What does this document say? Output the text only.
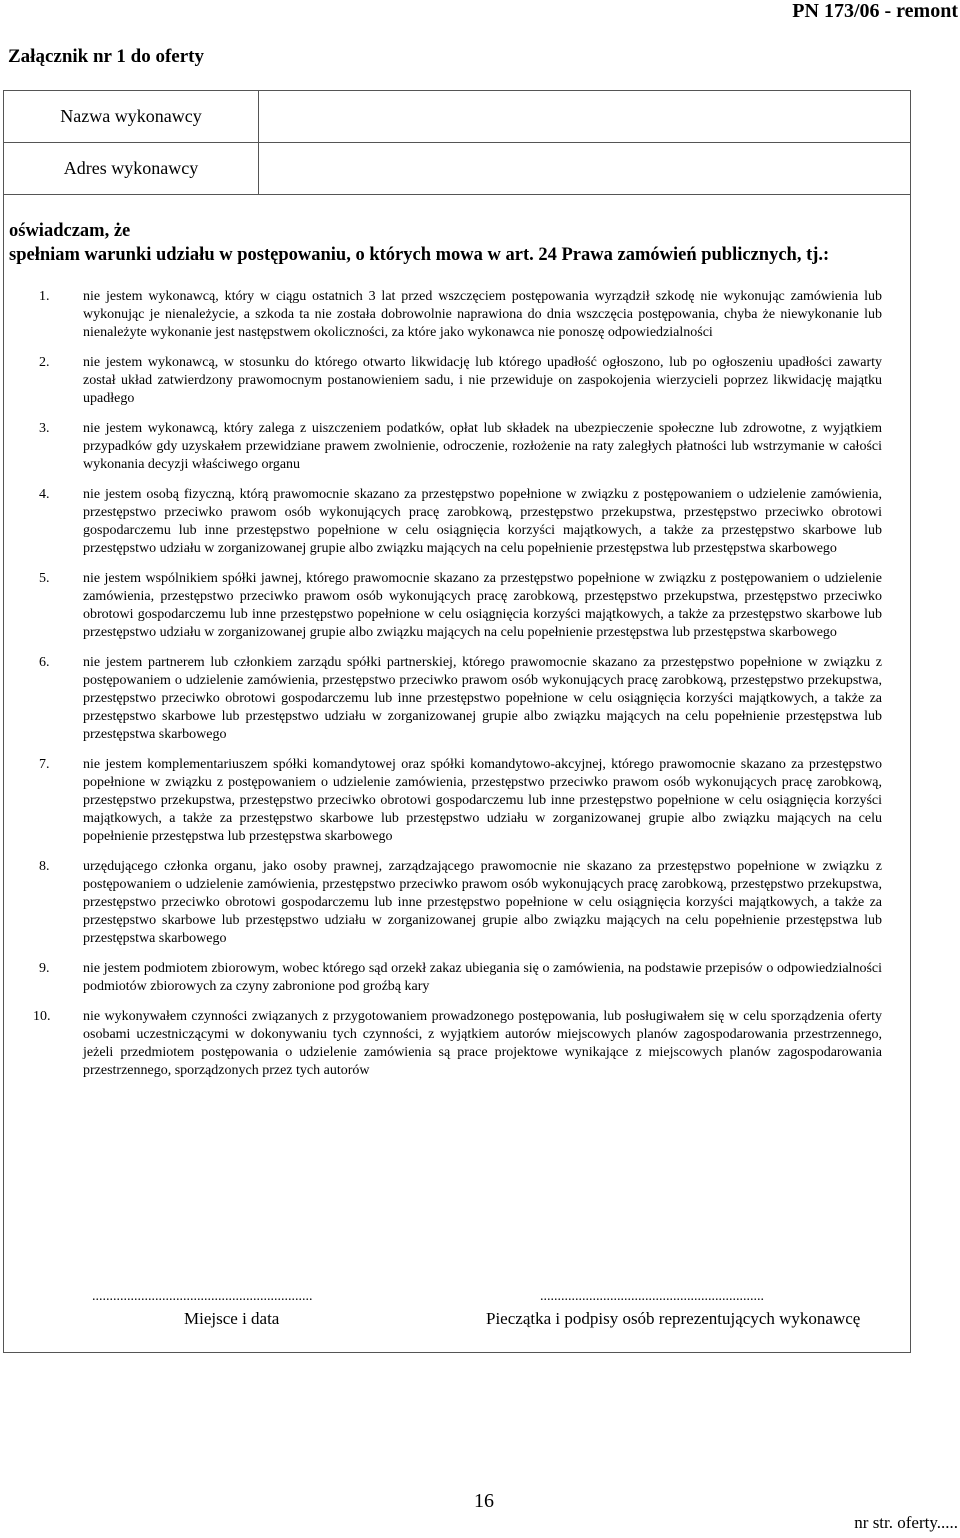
PN 173/06 - remont
Załącznik nr 1 do oferty
Nazwa wykonawcy	
Adres wykonawcy	
oświadczam, że
spełniam warunki udziału w postępowaniu, o których mowa w art. 24 Prawa zamówień publicznych, tj.:
1.	nie jestem wykonawcą, który w ciągu ostatnich 3 lat przed wszczęciem postępowania wyrządził szkodę nie wykonując zamówienia lub wykonując je nienależycie, a szkoda ta nie została dobrowolnie naprawiona do dnia wszczęcia postępowania, chyba że niewykonanie lub nienależyte wykonanie jest następstwem okoliczności, za które jako wykonawca nie ponoszę odpowiedzialności
2.	nie jestem wykonawcą, w stosunku do którego otwarto likwidację lub którego upadłość ogłoszono, lub po ogłoszeniu upadłości zawarty został układ zatwierdzony prawomocnym postanowieniem sadu, i nie przewiduje on zaspokojenia wierzycieli poprzez likwidację majątku upadłego
3.	nie jestem wykonawcą, który zalega z uiszczeniem podatków, opłat lub składek na ubezpieczenie społeczne lub zdrowotne, z wyjątkiem przypadków gdy uzyskałem przewidziane prawem zwolnienie, odroczenie, rozłożenie na raty zaległych płatności lub wstrzymanie w całości wykonania decyzji właściwego organu
4.	nie jestem osobą fizyczną, którą prawomocnie skazano za przestępstwo popełnione w związku z postępowaniem o udzielenie zamówienia, przestępstwo przeciwko prawom osób wykonujących pracę zarobkową, przestępstwo przekupstwa, przestępstwo przeciwko obrotowi gospodarczemu lub inne przestępstwo popełnione w celu osiągnięcia korzyści majątkowych, a także za przestępstwo skarbowe lub przestępstwo udziału w zorganizowanej grupie albo związku mających na celu popełnienie przestępstwa lub przestępstwa skarbowego
5.	nie jestem wspólnikiem spółki jawnej, którego prawomocnie skazano za przestępstwo popełnione w związku z postępowaniem o udzielenie zamówienia, przestępstwo przeciwko prawom osób wykonujących pracę zarobkową, przestępstwo przekupstwa, przestępstwo przeciwko obrotowi gospodarczemu lub inne przestępstwo popełnione w celu osiągnięcia korzyści majątkowych, a także za przestępstwo skarbowe lub przestępstwo udziału w zorganizowanej grupie albo związku mających na celu popełnienie przestępstwa lub przestępstwa skarbowego
6.	nie jestem partnerem lub członkiem zarządu spółki partnerskiej, którego prawomocnie skazano za przestępstwo popełnione w związku z postępowaniem o udzielenie zamówienia, przestępstwo przeciwko prawom osób wykonujących pracę zarobkową, przestępstwo przekupstwa, przestępstwo przeciwko obrotowi gospodarczemu lub inne przestępstwo popełnione w celu osiągnięcia korzyści majątkowych, a także za przestępstwo skarbowe lub przestępstwo udziału w zorganizowanej grupie albo związku mających na celu popełnienie przestępstwa lub przestępstwa skarbowego
7.	nie jestem komplementariuszem spółki komandytowej oraz spółki komandytowo-akcyjnej, którego prawomocnie skazano za przestępstwo popełnione w związku z postępowaniem o udzielenie zamówienia, przestępstwo przeciwko prawom osób wykonujących pracę zarobkową, przestępstwo przekupstwa, przestępstwo przeciwko obrotowi gospodarczemu lub inne przestępstwo popełnione w celu osiągnięcia korzyści majątkowych, a także za przestępstwo skarbowe lub przestępstwo udziału w zorganizowanej grupie albo związku mających na celu popełnienie przestępstwa lub przestępstwa skarbowego
8.	urzędującego członka organu, jako osoby prawnej, zarządzającego prawomocnie nie skazano za przestępstwo popełnione w związku z postępowaniem o udzielenie zamówienia, przestępstwo przeciwko prawom osób wykonujących pracę zarobkową, przestępstwo przekupstwa, przestępstwo przeciwko obrotowi gospodarczemu lub inne przestępstwo popełnione w celu osiągnięcia korzyści majątkowych, a także za przestępstwo skarbowe lub przestępstwo udziału w zorganizowanej grupie albo związku mających na celu popełnienie przestępstwa lub przestępstwa skarbowego
9.	nie jestem podmiotem zbiorowym, wobec którego sąd orzekł zakaz ubiegania się o zamówienia, na podstawie przepisów o odpowiedzialności podmiotów zbiorowych za czyny zabronione pod groźbą kary
10.	nie wykonywałem czynności związanych z przygotowaniem prowadzonego postępowania, lub posługiwałem się w celu sporządzenia oferty osobami uczestniczącymi w dokonywaniu tych czynności, z wyjątkiem autorów miejscowych planów zagospodarowania przestrzennego, jeżeli przedmiotem postępowania o udzielenie zamówienia są prace projektowe wynikające z miejscowych planów zagospodarowania przestrzennego, sporządzonych przez tych autorów
...............................................................
Miejsce i data
................................................................
Pieczątka i podpisy osób reprezentujących wykonawcę
16
nr str. oferty.....
